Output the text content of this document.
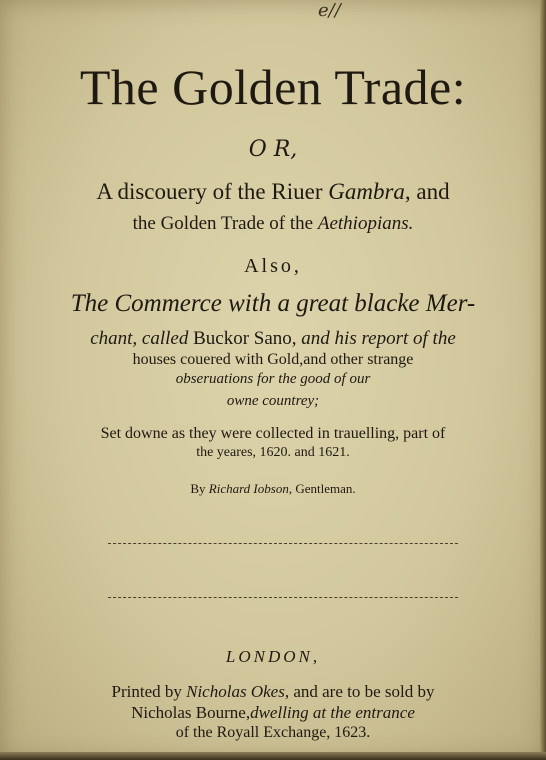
e//
The Golden Trade:
O R,
A discouery of the Riuer Gambra, and
the Golden Trade of the Aethiopians.
Also,
The Commerce with a great blacke Mer-
chant, called Buckor Sano, and his report of the
houses couered with Gold,and other strange
obseruations for the good of our
owne countrey;
Set downe as they were collected in trauelling, part of
the yeares, 1620. and 1621.
By Richard Iobson, Gentleman.
LONDON,
Printed by Nicholas Okes, and are to be sold by
Nicholas Bourne,dwelling at the entrance
of the Royall Exchange, 1623.
